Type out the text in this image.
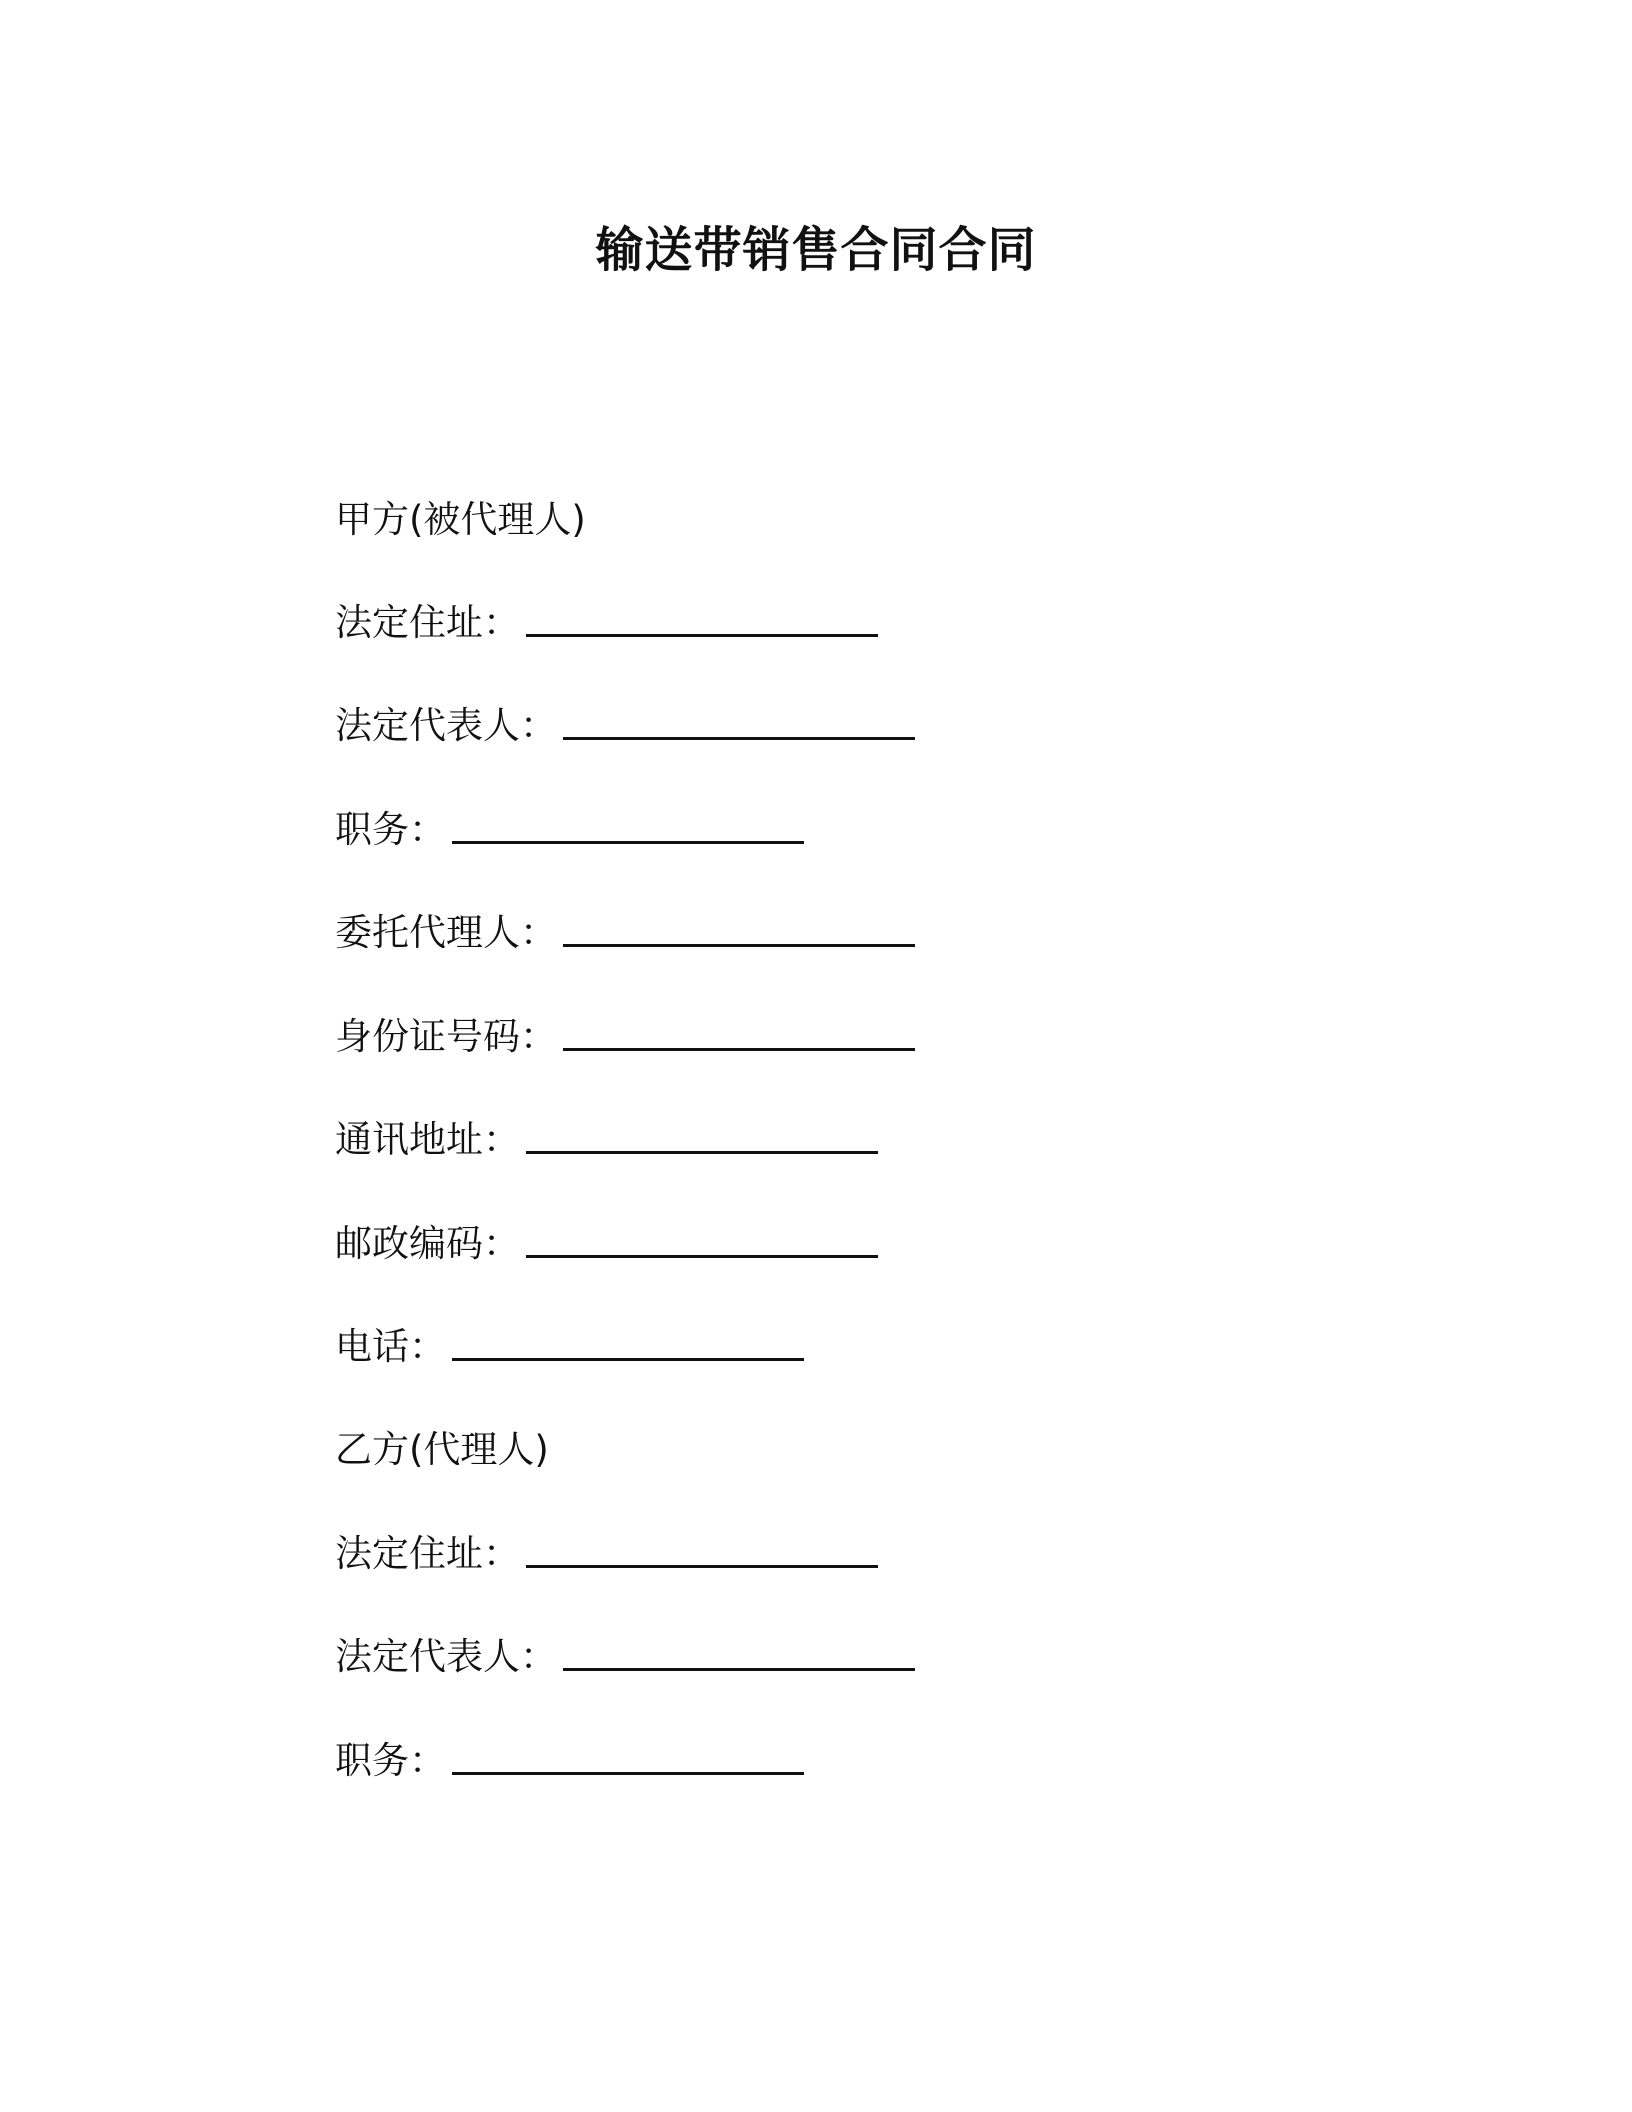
输送带销售合同合同
甲方(被代理人)
法定住址：
法定代表人：
职务：
委托代理人：
身份证号码：
通讯地址：
邮政编码：
电话：
乙方(代理人)
法定住址：
法定代表人：
职务：
